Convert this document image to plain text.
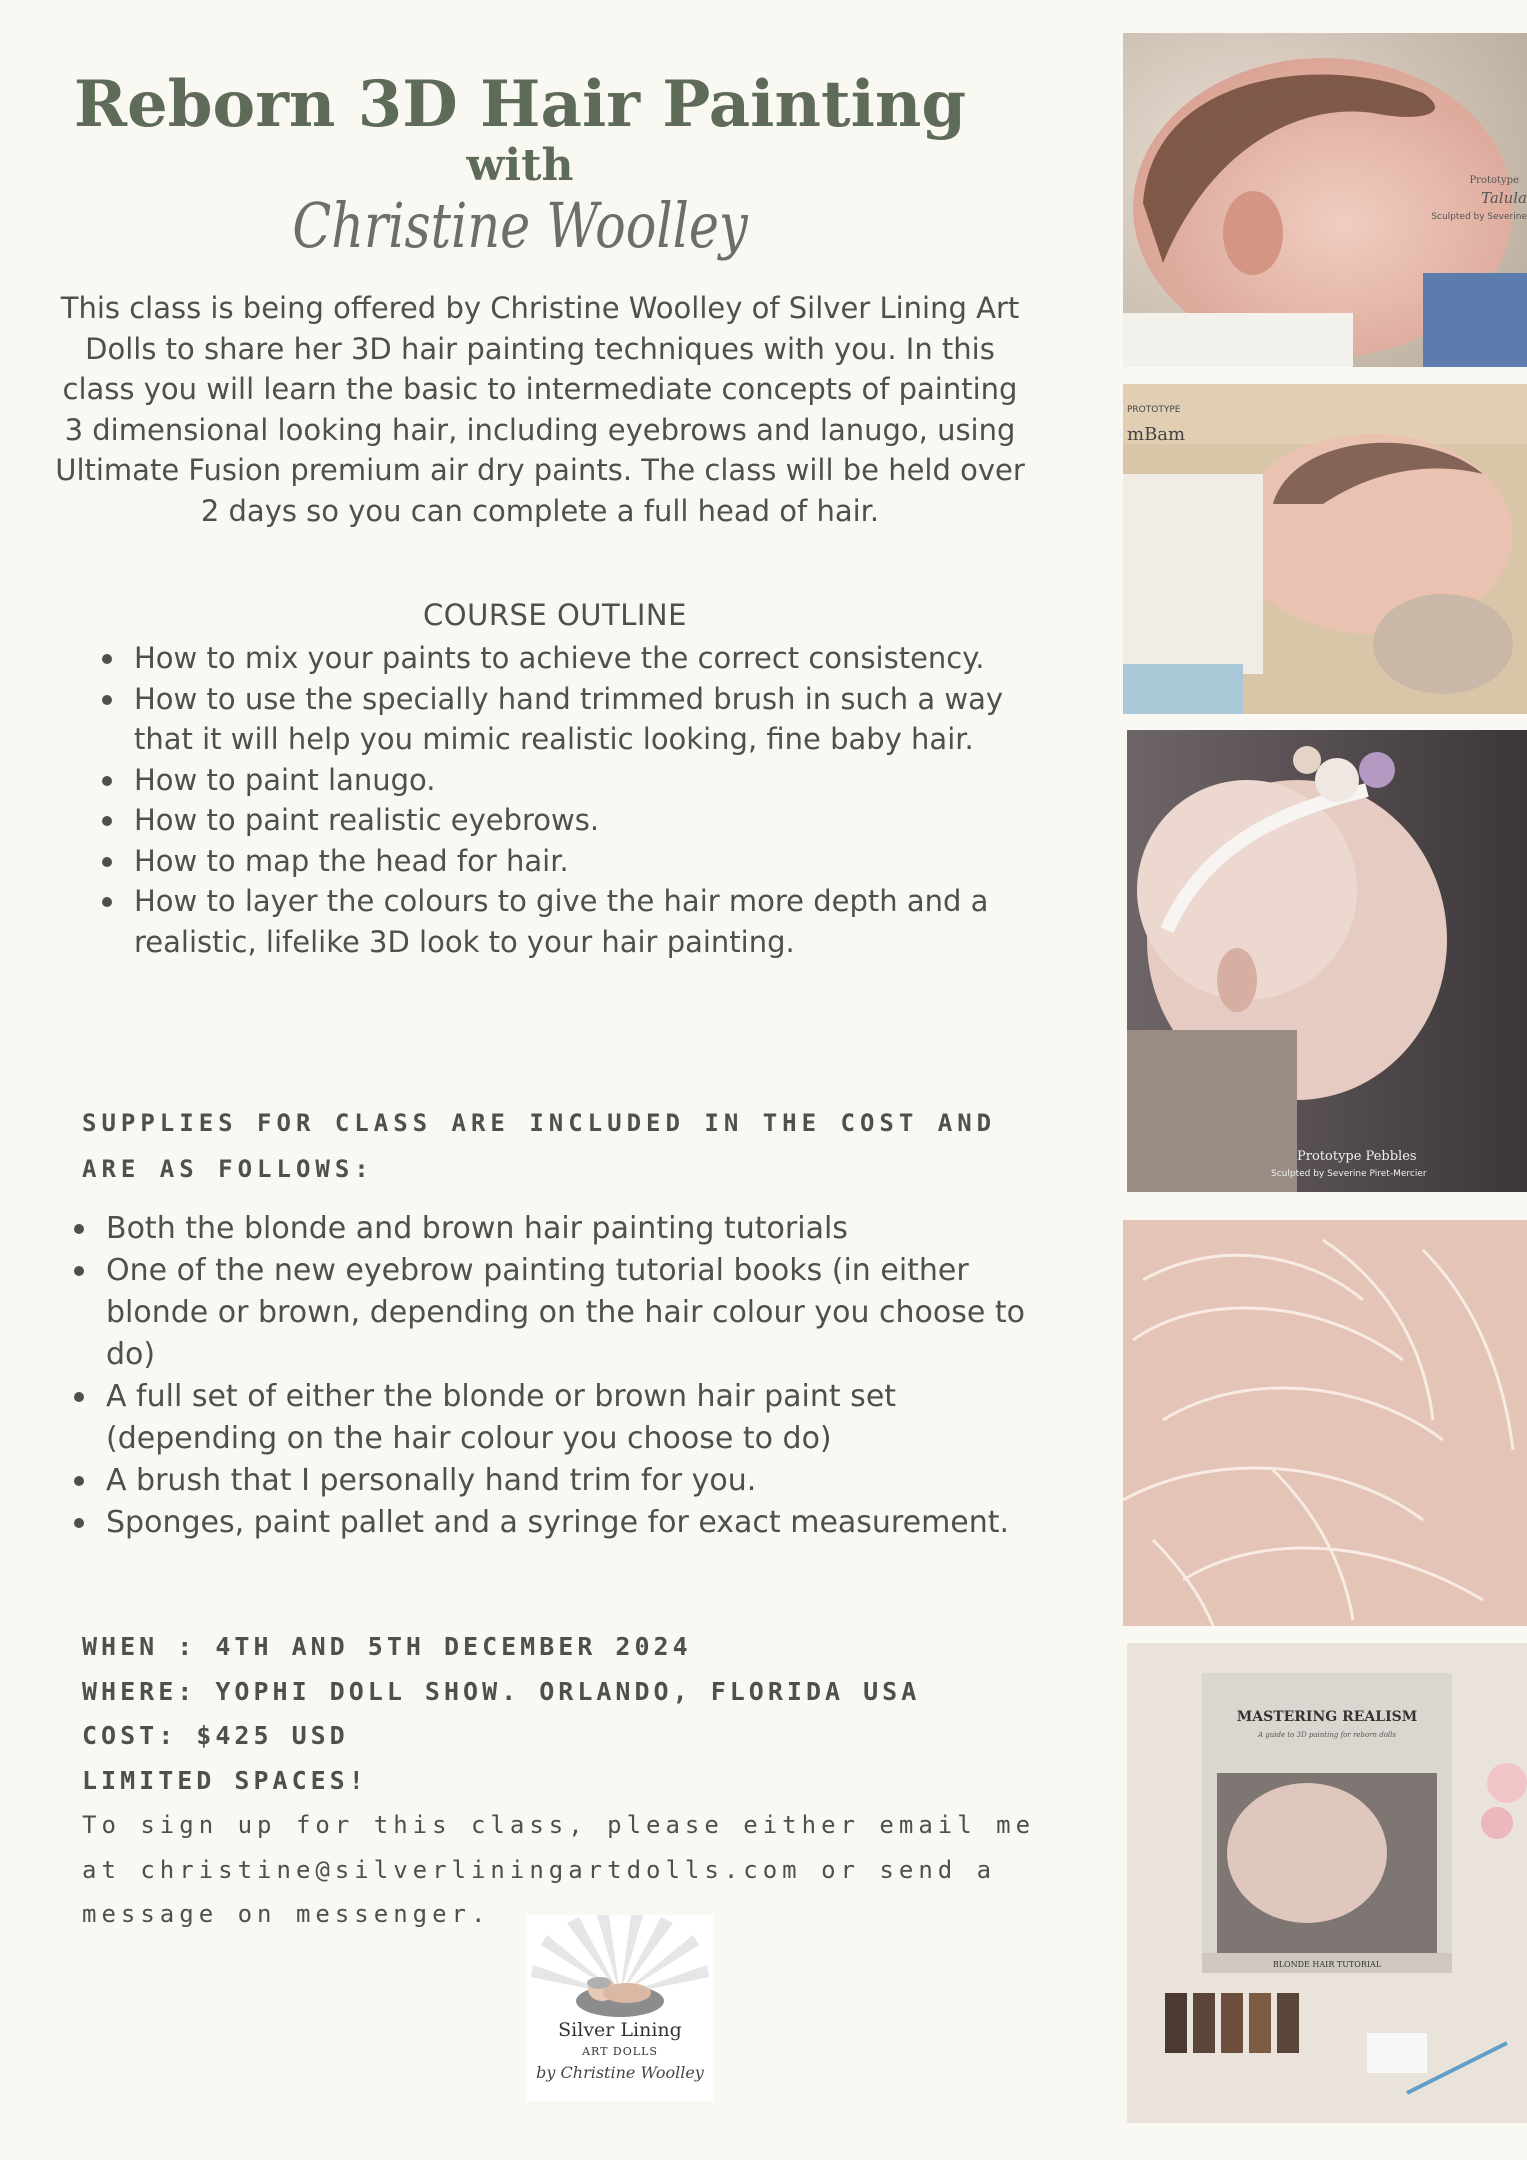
Reborn 3D Hair Painting
with
Christine Woolley

This class is being offered by Christine Woolley of Silver Lining Art Dolls to share her 3D hair painting techniques with you. In this class you will learn the basic to intermediate concepts of painting 3 dimensional looking hair, including eyebrows and lanugo, using Ultimate Fusion premium air dry paints. The class will be held over 2 days so you can complete a full head of hair.

COURSE OUTLINE
How to mix your paints to achieve the correct consistency.
How to use the specially hand trimmed brush in such a way that it will help you mimic realistic looking, fine baby hair.
How to paint lanugo.
How to paint realistic eyebrows.
How to map the head for hair.
How to layer the colours to give the hair more depth and a realistic, lifelike 3D look to your hair painting.
SUPPLIES FOR CLASS ARE INCLUDED IN THE COST AND ARE AS FOLLOWS:
Both the blonde and brown hair painting tutorials
One of the new eyebrow painting tutorial books (in either blonde or brown, depending on the hair colour you choose to do)
A full set of either the blonde or brown hair paint set (depending on the hair colour you choose to do)
A brush that I personally hand trim for you.
Sponges, paint pallet and a syringe for exact measurement.
WHEN : 4TH AND 5TH DECEMBER 2024
WHERE: YOPHI DOLL SHOW. ORLANDO, FLORIDA USA
COST: $425 USD
LIMITED SPACES!
To sign up for this class, please either email me at christine@silverliningartdolls.com or send a message on messenger.
Silver Lining
ART DOLLS
by Christine Woolley
Prototype
Talula
Sculpted by Severine
PROTOTYPE
mBam
Prototype Pebbles
Sculpted by Severine Piret-Mercier
MASTERING REALISM
A guide to 3D painting for reborn dolls
BLONDE HAIR TUTORIAL
